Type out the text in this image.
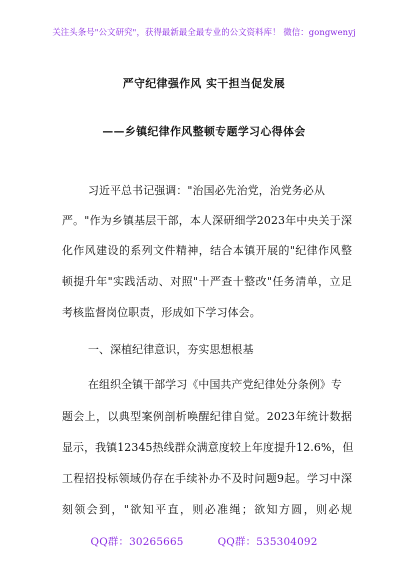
关注头条号"公文研究"，获得最新最全最专业的公文资料库！ 微信：gongwenyj
严守纪律强作风 实干担当促发展
——乡镇纪律作风整顿专题学习心得体会
习近平总书记强调："治国必先治党，治党务必从
严。"作为乡镇基层干部，本人深研细学2023年中央关于深
化作风建设的系列文件精神，结合本镇开展的"纪律作风整
顿提升年"实践活动、对照"十严查十整改"任务清单，立足
考核监督岗位职责，形成如下学习体会。
一、深植纪律意识，夯实思想根基
在组织全镇干部学习《中国共产党纪律处分条例》专
题会上，以典型案例剖析唤醒纪律自觉。2023年统计数据
显示，我镇12345热线群众满意度较上年度提升12.6%，但
工程招投标领域仍存在手续补办不及时问题9起。学习中深
刻领会到，"欲知平直，则必准绳；欲知方圆，则必规
QQ群：30265665	QQ群：535304092
